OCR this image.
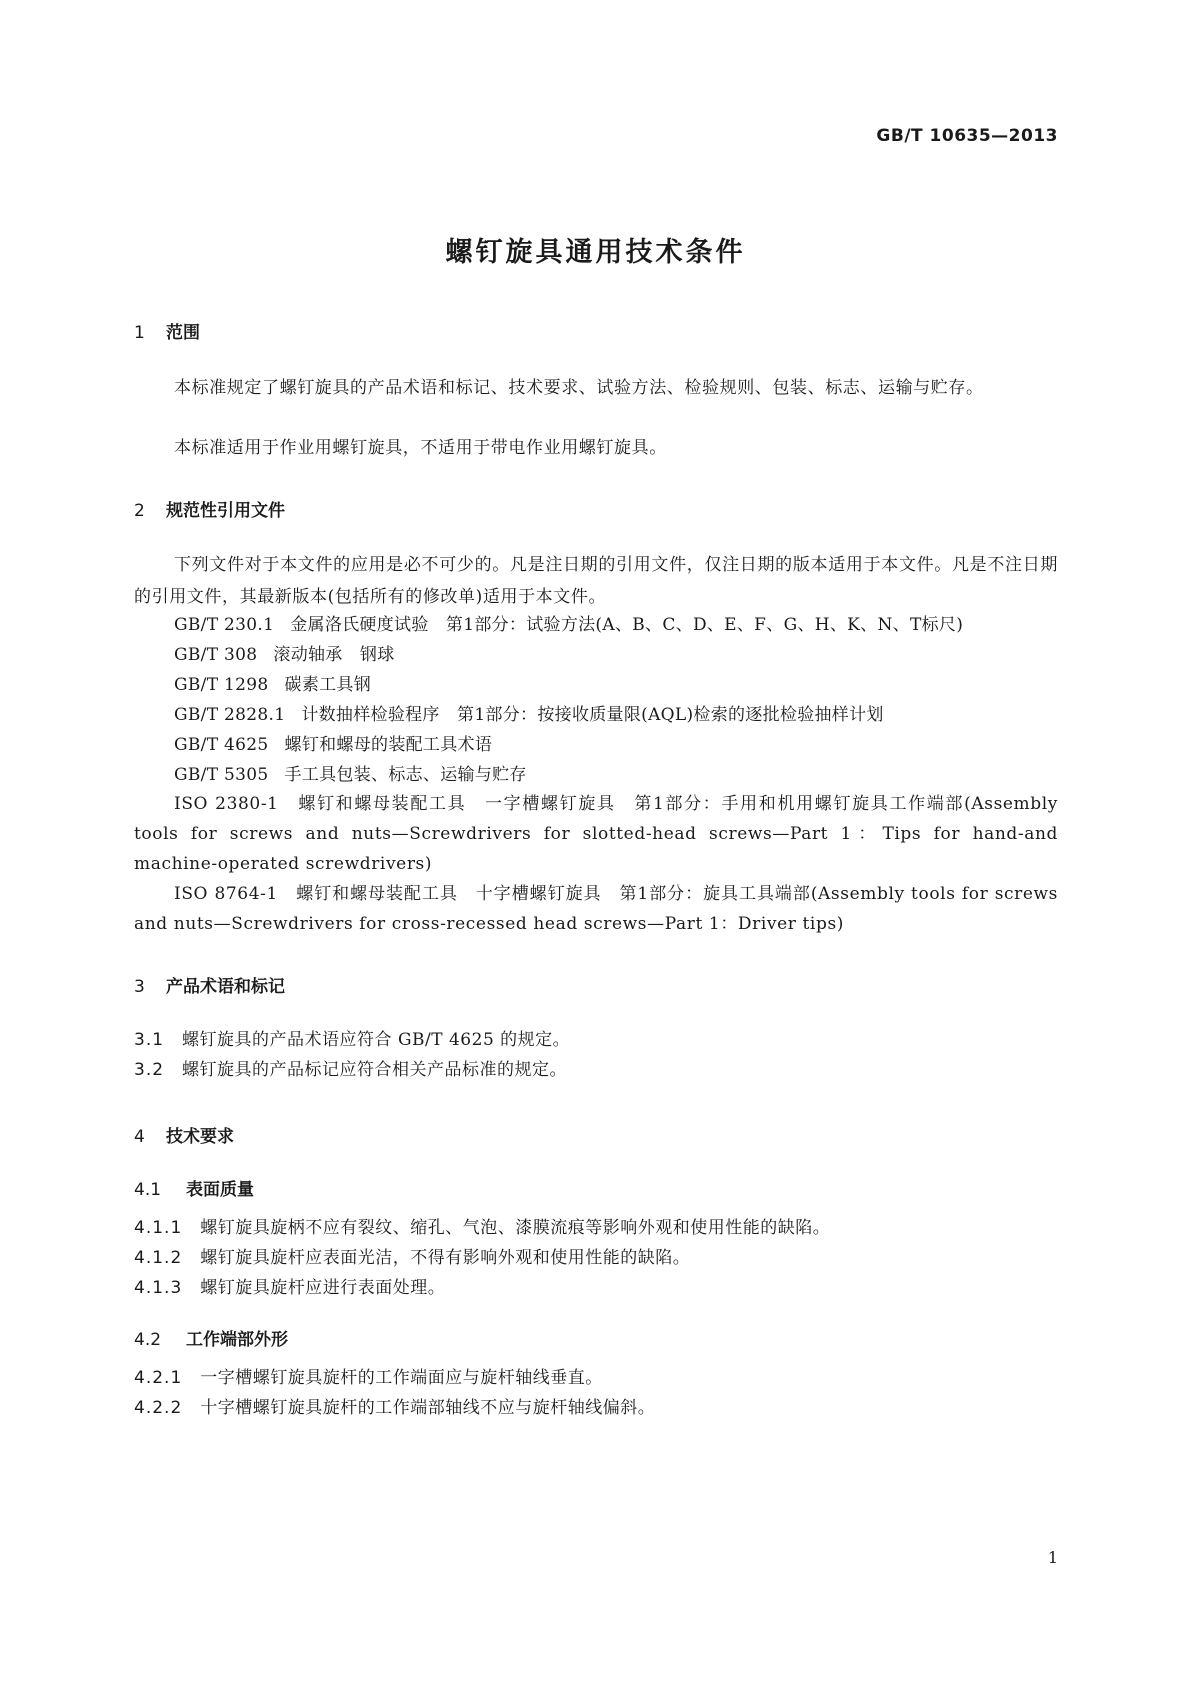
GB/T 10635—2013
螺钉旋具通用技术条件
1 范围
本标准规定了螺钉旋具的产品术语和标记、技术要求、试验方法、检验规则、包装、标志、运输与贮存。
本标准适用于作业用螺钉旋具，不适用于带电作业用螺钉旋具。
2 规范性引用文件
下列文件对于本文件的应用是必不可少的。凡是注日期的引用文件，仅注日期的版本适用于本文件。凡是不注日期的引用文件，其最新版本(包括所有的修改单)适用于本文件。
GB/T 230.1 金属洛氏硬度试验　第1部分：试验方法(A、B、C、D、E、F、G、H、K、N、T标尺)
GB/T 308 滚动轴承　钢球
GB/T 1298 碳素工具钢
GB/T 2828.1 计数抽样检验程序　第1部分：按接收质量限(AQL)检索的逐批检验抽样计划
GB/T 4625 螺钉和螺母的装配工具术语
GB/T 5305 手工具包装、标志、运输与贮存
ISO 2380-1　螺钉和螺母装配工具　一字槽螺钉旋具　第1部分：手用和机用螺钉旋具工作端部(Assembly tools for screws and nuts—Screwdrivers for slotted-head screws—Part 1：Tips for hand-and machine-operated screwdrivers)
ISO 8764-1　螺钉和螺母装配工具　十字槽螺钉旋具　第1部分：旋具工具端部(Assembly tools for screws and nuts—Screwdrivers for cross-recessed head screws—Part 1：Driver tips)
3 产品术语和标记
3.1 螺钉旋具的产品术语应符合 GB/T 4625 的规定。
3.2 螺钉旋具的产品标记应符合相关产品标准的规定。
4 技术要求
4.1 表面质量
4.1.1 螺钉旋具旋柄不应有裂纹、缩孔、气泡、漆膜流痕等影响外观和使用性能的缺陷。
4.1.2 螺钉旋具旋杆应表面光洁，不得有影响外观和使用性能的缺陷。
4.1.3 螺钉旋具旋杆应进行表面处理。
4.2 工作端部外形
4.2.1 一字槽螺钉旋具旋杆的工作端面应与旋杆轴线垂直。
4.2.2 十字槽螺钉旋具旋杆的工作端部轴线不应与旋杆轴线偏斜。
1
